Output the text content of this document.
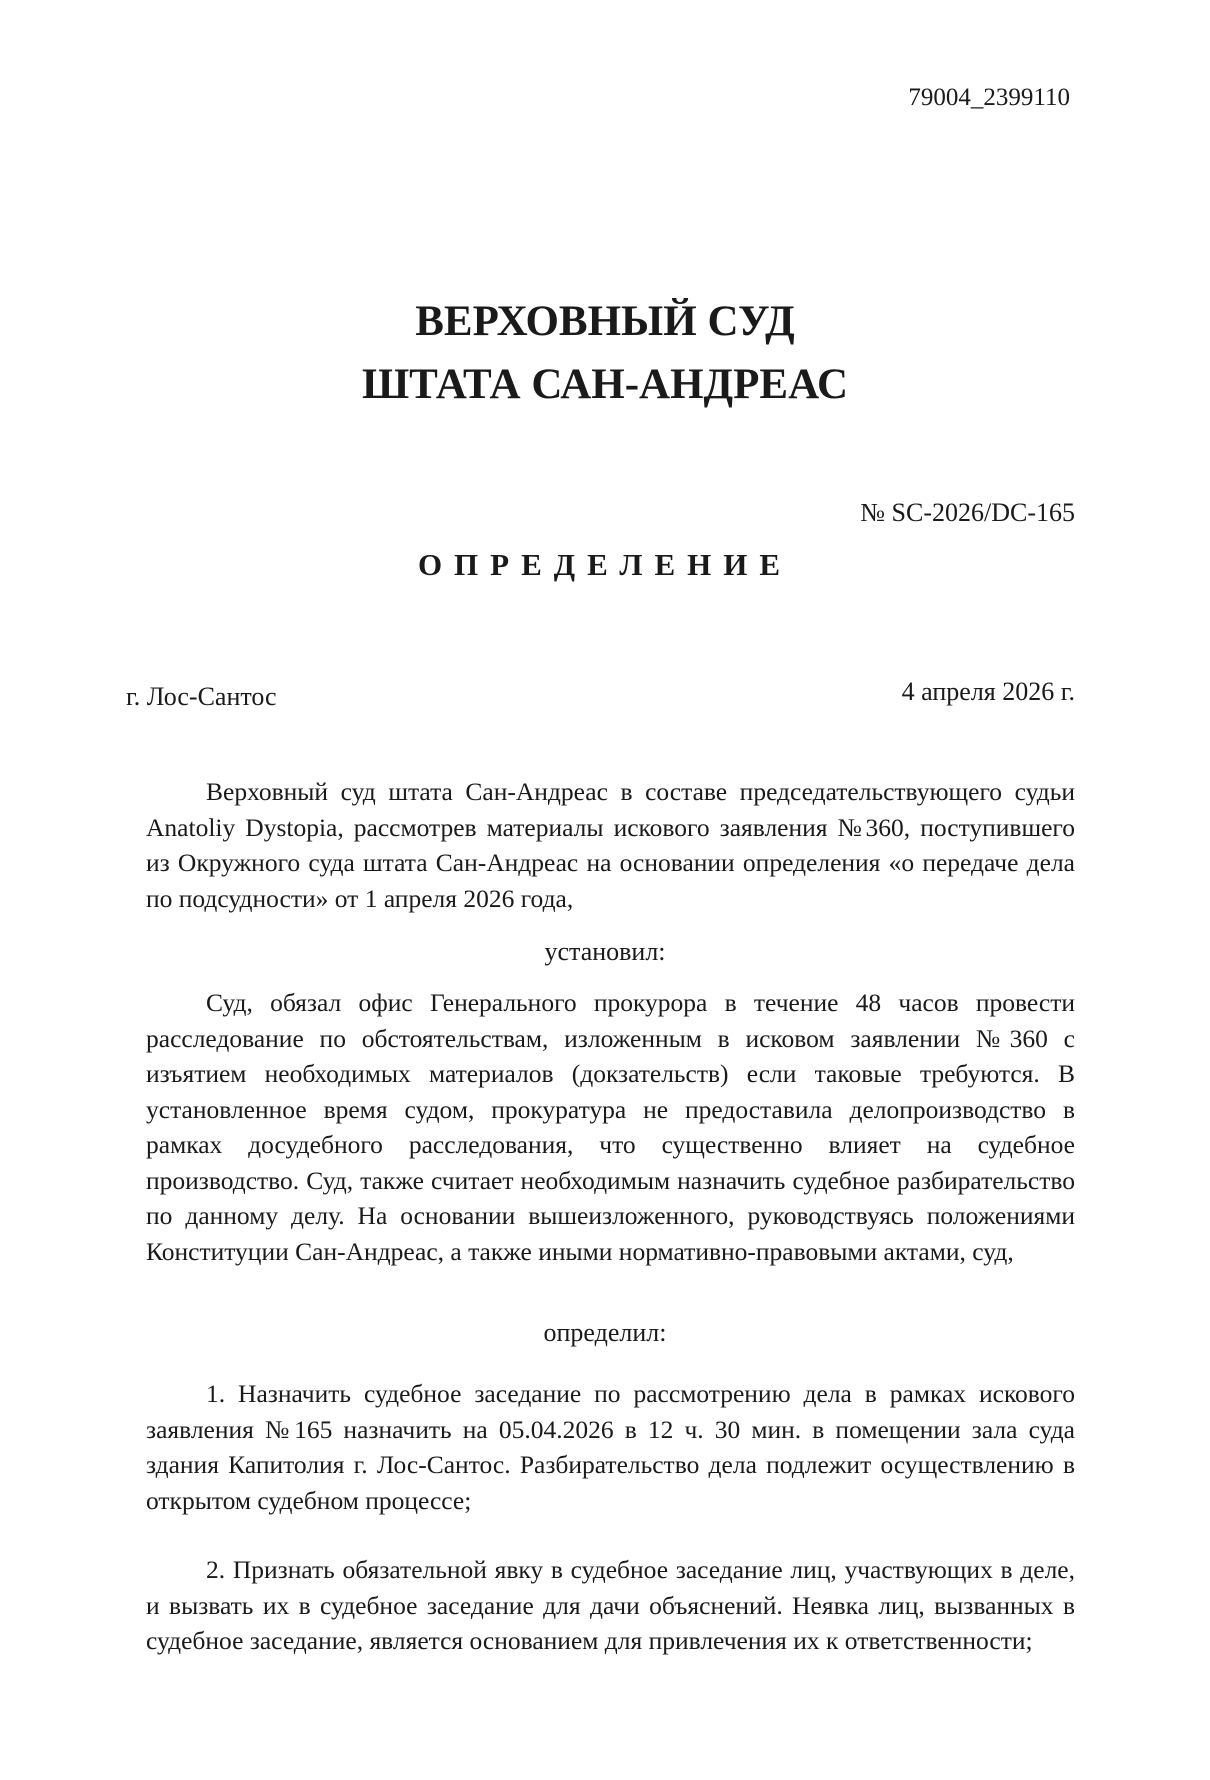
79004_2399110
ВЕРХОВНЫЙ СУД
ШТАТА САН-АНДРЕАС
№ SC-2026/DC-165
ОПРЕДЕЛЕНИЕ
г. Лос-Сантос	4 апреля 2026 г.

Верховный суд штата Сан-Андреас в составе председательствующего судьи Anatoliy Dystopia, рассмотрев материалы искового заявления №360, поступившего из Окружного суда штата Сан-Андреас на основании определения «о передаче дела по подсудности» от 1 апреля 2026 года,

установил:

Суд, обязал офис Генерального прокурора в течение 48 часов провести расследование по обстоятельствам, изложенным в исковом заявлении №360 с изъятием необходимых материалов (докзательств) если таковые требуются. В установленное время судом, прокуратура не предоставила делопроизводство в рамках досудебного расследования, что существенно влияет на судебное производство. Суд, также считает необходимым назначить судебное разбирательство по данному делу. На основании вышеизложенного, руководствуясь положениями Конституции Сан-Андреас, а также иными нормативно-правовыми актами, суд,

определил:

1. Назначить судебное заседание по рассмотрению дела в рамках искового заявления №165 назначить на 05.04.2026 в 12 ч. 30 мин. в помещении зала суда здания Капитолия г. Лос-Сантос. Разбирательство дела подлежит осуществлению в открытом судебном процессе;

2. Признать обязательной явку в судебное заседание лиц, участвующих в деле, и вызвать их в судебное заседание для дачи объяснений. Неявка лиц, вызванных в судебное заседание, является основанием для привлечения их к ответственности;
